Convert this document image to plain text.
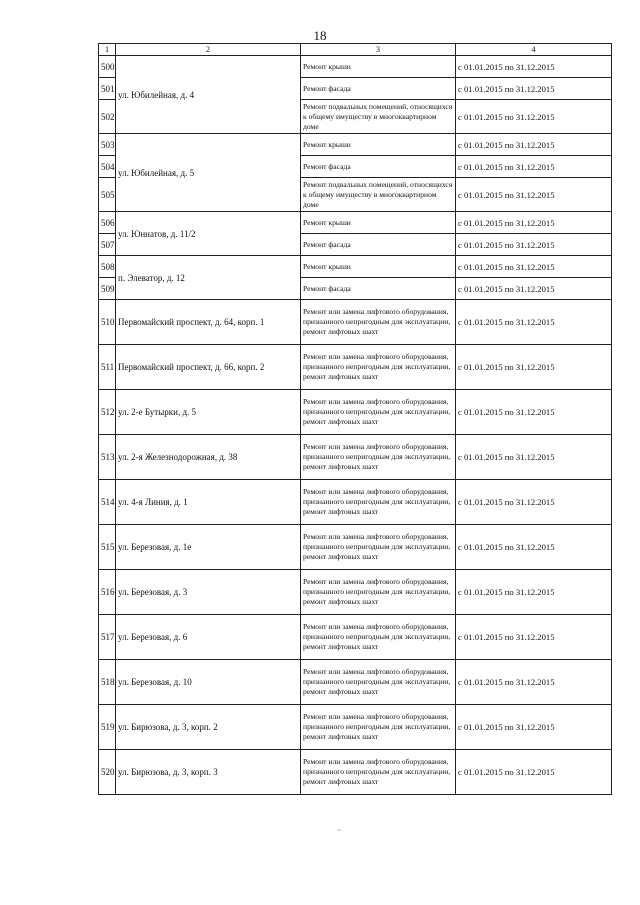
18
1	2	3	4
500	ул. Юбилейная, д. 4	Ремонт крыши	с 01.01.2015 по 31.12.2015
501		Ремонт фасада	с 01.01.2015 по 31.12.2015
502		Ремонт подвальных помещений, относящихся к общему имуществу в многоквартирном доме	с 01.01.2015 по 31.12.2015
503	ул. Юбилейная, д. 5	Ремонт крыши	с 01.01.2015 по 31.12.2015
504		Ремонт фасада	с 01.01.2015 по 31.12.2015
505		Ремонт подвальных помещений, относящихся к общему имуществу в многоквартирном доме	с 01.01.2015 по 31.12.2015
506	ул. Юннатов, д. 11/2	Ремонт крыши	с 01.01.2015 по 31.12.2015
507		Ремонт фасада	с 01.01.2015 по 31.12.2015
508	п. Элеватор, д. 12	Ремонт крыши	с 01.01.2015 по 31.12.2015
509		Ремонт фасада	с 01.01.2015 по 31.12.2015
510	Первомайский проспект, д. 64, корп. 1	Ремонт или замена лифтового оборудования, признанного непригодным для эксплуатации, ремонт лифтовых шахт	с 01.01.2015 по 31.12.2015
511	Первомайский проспект, д. 66, корп. 2	Ремонт или замена лифтового оборудования, признанного непригодным для эксплуатации, ремонт лифтовых шахт	с 01.01.2015 по 31.12.2015
512	ул. 2-е Бутырки, д. 5	Ремонт или замена лифтового оборудования, признанного непригодным для эксплуатации, ремонт лифтовых шахт	с 01.01.2015 по 31.12.2015
513	ул. 2-я Железнодорожная, д. 38	Ремонт или замена лифтового оборудования, признанного непригодным для эксплуатации, ремонт лифтовых шахт	с 01.01.2015 по 31.12.2015
514	ул. 4-я Линия, д. 1	Ремонт или замена лифтового оборудования, признанного непригодным для эксплуатации, ремонт лифтовых шахт	с 01.01.2015 по 31.12.2015
515	ул. Березовая, д. 1е	Ремонт или замена лифтового оборудования, признанного непригодным для эксплуатации, ремонт лифтовых шахт	с 01.01.2015 по 31.12.2015
516	ул. Березовая, д. 3	Ремонт или замена лифтового оборудования, признанного непригодным для эксплуатации, ремонт лифтовых шахт	с 01.01.2015 по 31.12.2015
517	ул. Березовая, д. 6	Ремонт или замена лифтового оборудования, признанного непригодным для эксплуатации, ремонт лифтовых шахт	с 01.01.2015 по 31.12.2015
518	ул. Березовая, д. 10	Ремонт или замена лифтового оборудования, признанного непригодным для эксплуатации, ремонт лифтовых шахт	с 01.01.2015 по 31.12.2015
519	ул. Бирюзова, д. 3, корп. 2	Ремонт или замена лифтового оборудования, признанного непригодным для эксплуатации, ремонт лифтовых шахт	с 01.01.2015 по 31.12.2015
520	ул. Бирюзова, д. 3, корп. 3	Ремонт или замена лифтового оборудования, признанного непригодным для эксплуатации, ремонт лифтовых шахт	с 01.01.2015 по 31.12.2015
~
